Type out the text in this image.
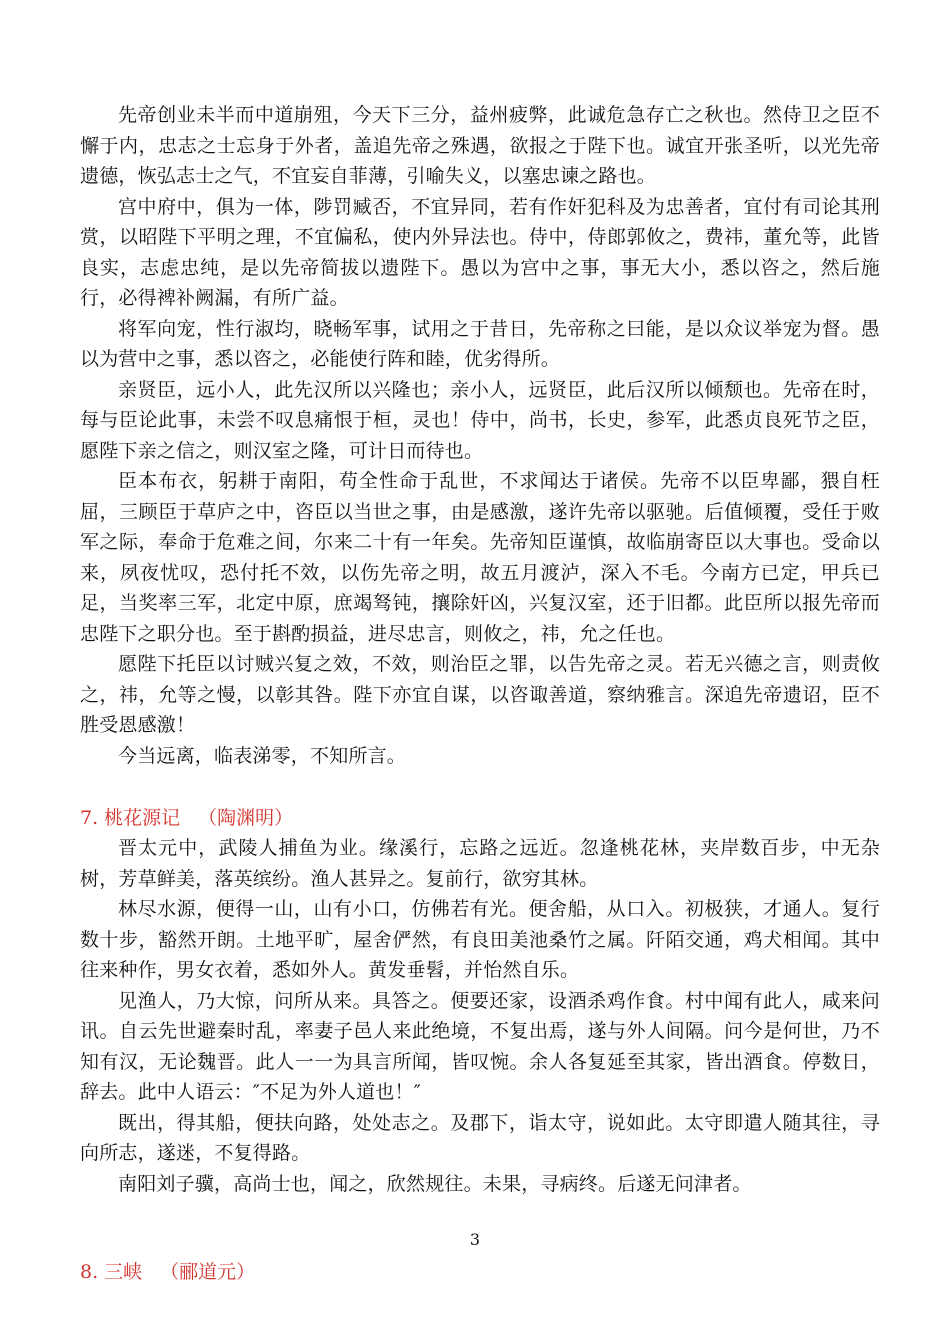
先帝创业未半而中道崩殂，今天下三分，益州疲弊，此诚危急存亡之秋也。然侍卫之臣不懈于内，忠志之士忘身于外者，盖追先帝之殊遇，欲报之于陛下也。诚宜开张圣听，以光先帝遗德，恢弘志士之气，不宜妄自菲薄，引喻失义，以塞忠谏之路也。

宫中府中，俱为一体，陟罚臧否，不宜异同，若有作奸犯科及为忠善者，宜付有司论其刑赏，以昭陛下平明之理，不宜偏私，使内外异法也。侍中，侍郎郭攸之，费祎，董允等，此皆良实，志虑忠纯，是以先帝简拔以遗陛下。愚以为宫中之事，事无大小，悉以咨之，然后施行，必得裨补阙漏，有所广益。

将军向宠，性行淑均，晓畅军事，试用之于昔日，先帝称之曰能，是以众议举宠为督。愚以为营中之事，悉以咨之，必能使行阵和睦，优劣得所。

亲贤臣，远小人，此先汉所以兴隆也；亲小人，远贤臣，此后汉所以倾颓也。先帝在时，每与臣论此事，未尝不叹息痛恨于桓，灵也！侍中，尚书，长史，参军，此悉贞良死节之臣，愿陛下亲之信之，则汉室之隆，可计日而待也。

臣本布衣，躬耕于南阳，苟全性命于乱世，不求闻达于诸侯。先帝不以臣卑鄙，猥自枉屈，三顾臣于草庐之中，咨臣以当世之事，由是感激，遂许先帝以驱驰。后值倾覆，受任于败军之际，奉命于危难之间，尔来二十有一年矣。先帝知臣谨慎，故临崩寄臣以大事也。受命以来，夙夜忧叹，恐付托不效，以伤先帝之明，故五月渡泸，深入不毛。今南方已定，甲兵已足，当奖率三军，北定中原，庶竭驽钝，攘除奸凶，兴复汉室，还于旧都。此臣所以报先帝而忠陛下之职分也。至于斟酌损益，进尽忠言，则攸之，祎，允之任也。

愿陛下托臣以讨贼兴复之效，不效，则治臣之罪，以告先帝之灵。若无兴德之言，则责攸之，祎，允等之慢，以彰其咎。陛下亦宜自谋，以咨诹善道，察纳雅言。深追先帝遗诏，臣不胜受恩感激！

今当远离，临表涕零，不知所言。

7. 桃花源记 （陶渊明）

晋太元中，武陵人捕鱼为业。缘溪行，忘路之远近。忽逢桃花林，夹岸数百步，中无杂树，芳草鲜美，落英缤纷。渔人甚异之。复前行，欲穷其林。

林尽水源，便得一山，山有小口，仿佛若有光。便舍船，从口入。初极狭，才通人。复行数十步，豁然开朗。土地平旷，屋舍俨然，有良田美池桑竹之属。阡陌交通，鸡犬相闻。其中往来种作，男女衣着，悉如外人。黄发垂髫，并怡然自乐。

见渔人，乃大惊，问所从来。具答之。便要还家，设酒杀鸡作食。村中闻有此人，咸来问讯。自云先世避秦时乱，率妻子邑人来此绝境，不复出焉，遂与外人间隔。问今是何世，乃不知有汉，无论魏晋。此人一一为具言所闻，皆叹惋。余人各复延至其家，皆出酒食。停数日，辞去。此中人语云：″不足为外人道也！″

既出，得其船，便扶向路，处处志之。及郡下，诣太守，说如此。太守即遣人随其往，寻向所志，遂迷，不复得路。

南阳刘子骥，高尚士也，闻之，欣然规往。未果，寻病终。后遂无问津者。

8. 三峡 （郦道元）

3
